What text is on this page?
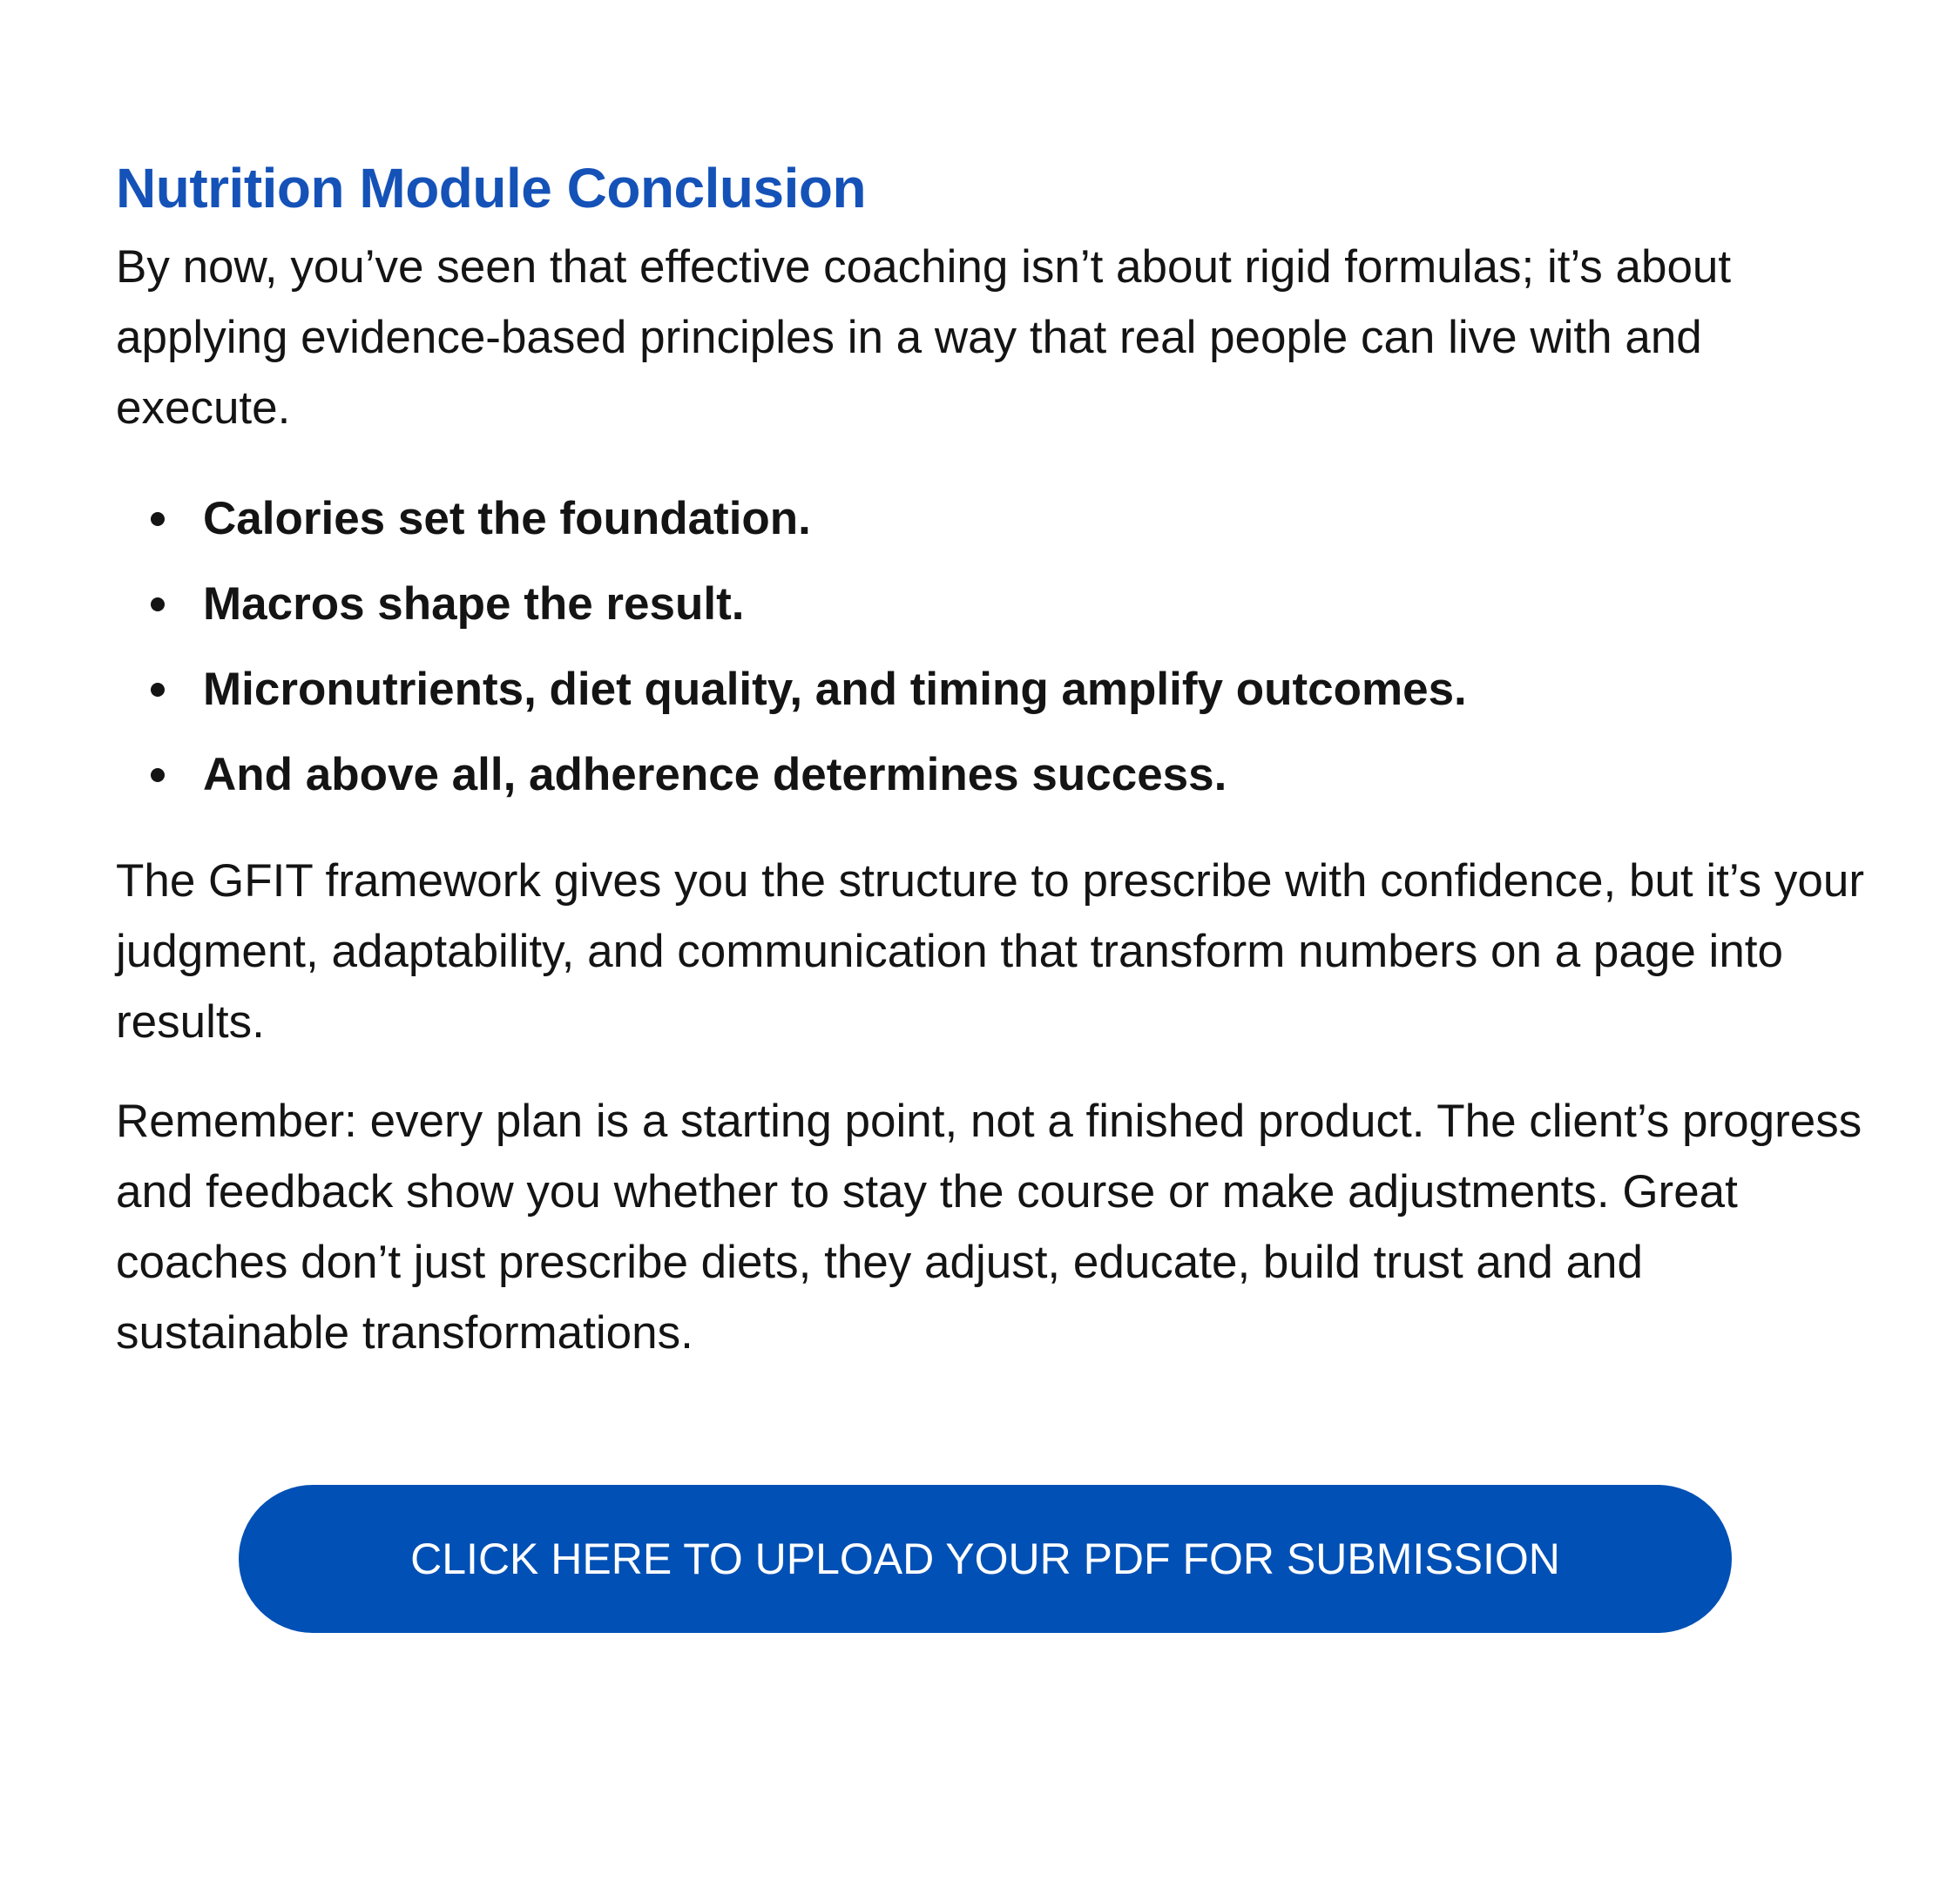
Nutrition Module Conclusion

By now, you’ve seen that effective coaching isn’t about rigid formulas; it’s about applying evidence-based principles in a way that real people can live with and execute.

Calories set the foundation.
Macros shape the result.
Micronutrients, diet quality, and timing amplify outcomes.
And above all, adherence determines success.

The GFIT framework gives you the structure to prescribe with confidence, but it’s your judgment, adaptability, and communication that transform numbers on a page into results.

Remember: every plan is a starting point, not a finished product. The client’s progress and feedback show you whether to stay the course or make adjustments. Great coaches don’t just prescribe diets, they adjust, educate, build trust and and sustainable transformations.

CLICK HERE TO UPLOAD YOUR PDF FOR SUBMISSION
